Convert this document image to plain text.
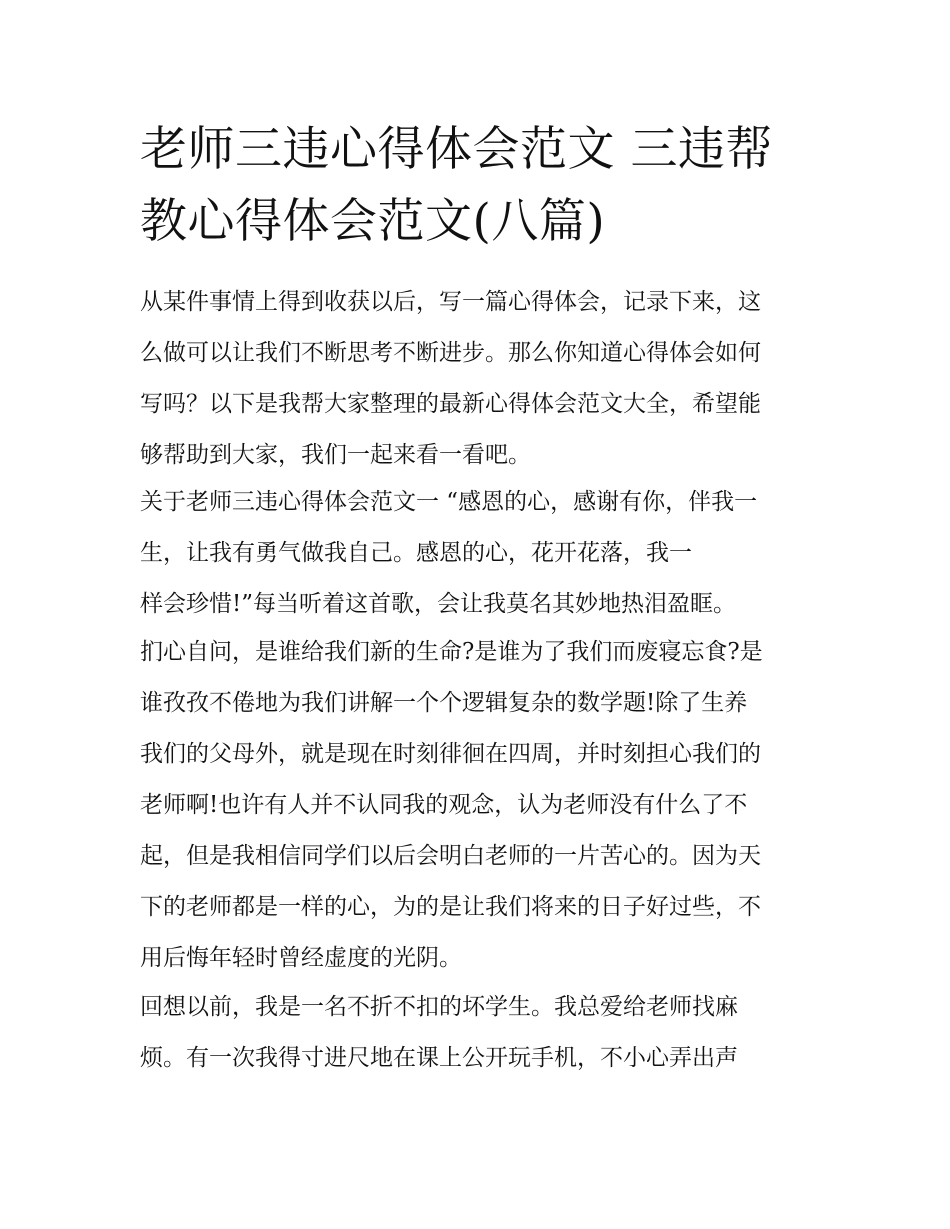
老师三违心得体会范文 三违帮
教心得体会范文(八篇)

从某件事情上得到收获以后，写一篇心得体会，记录下来，这
么做可以让我们不断思考不断进步。那么你知道心得体会如何
写吗？以下是我帮大家整理的最新心得体会范文大全，希望能
够帮助到大家，我们一起来看一看吧。

关于老师三违心得体会范文一 “感恩的心，感谢有你，伴我一
生，让我有勇气做我自己。感恩的心，花开花落，我一
样会珍惜!”每当听着这首歌，会让我莫名其妙地热泪盈眶。

扪心自问，是谁给我们新的生命?是谁为了我们而废寝忘食?是
谁孜孜不倦地为我们讲解一个个逻辑复杂的数学题!除了生养
我们的父母外，就是现在时刻徘徊在四周，并时刻担心我们的
老师啊!也许有人并不认同我的观念，认为老师没有什么了不
起，但是我相信同学们以后会明白老师的一片苦心的。因为天
下的老师都是一样的心，为的是让我们将来的日子好过些，不
用后悔年轻时曾经虚度的光阴。

回想以前，我是一名不折不扣的坏学生。我总爱给老师找麻
烦。有一次我得寸进尺地在课上公开玩手机，不小心弄出声
